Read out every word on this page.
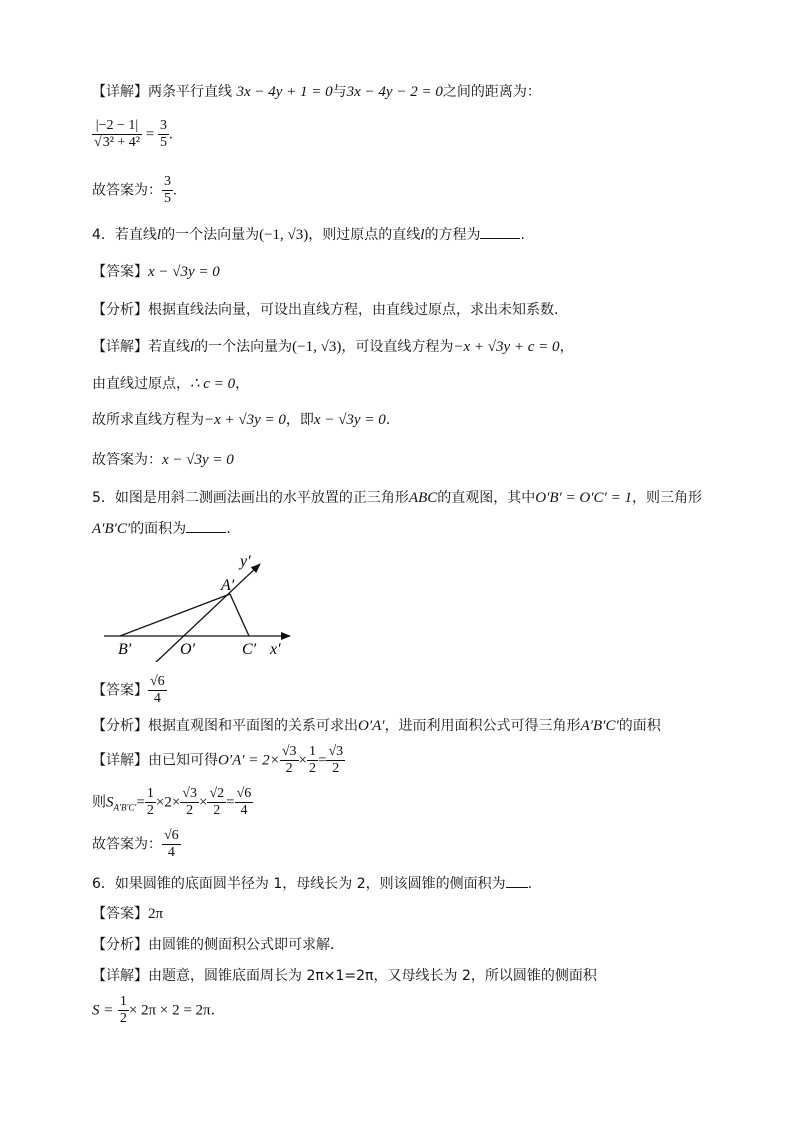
【详解】两条平行直线 3x − 4y + 1 = 0与3x − 4y − 2 = 0之间的距离为：
$\frac{|-2 - 1|}{\text{√3² + 4²}} = \frac{3}{5}$ .
故答案为： $\frac{3}{5}$ .
4．若直线l的一个法向量为(−1, √3)，则过原点的直线l的方程为	.
【答案】x − √3y = 0
【分析】根据直线法向量，可设出直线方程，由直线过原点，求出未知系数.
【详解】若直线l的一个法向量为(−1, √3)，可设直线方程为−x + √3y + c = 0，
由直线过原点，∴ c = 0，
故所求直线方程为−x + √3y = 0，即x − √3y = 0.
故答案为：x − √3y = 0
5．如图是用斜二测画法画出的水平放置的正三角形ABC的直观图，其中O′B′ = O′C′ = 1，则三角形
A′B′C′的面积为	.
y′
A′
B′	O′	C′ x′
【答案】 $\frac{√6}{4}$
【分析】根据直观图和平面图的关系可求出O′A′，进而利用面积公式可得三角形A′B′C′的面积
【详解】由已知可得$O'A' = 2\times \frac{√3}{2} \times \frac{1}{2} = \frac{√3}{2}$
则$S_{A'B'C'}= \frac{1}{2} \times 2\times \frac{√3}{2} \times \frac{√2}{2} = \frac{√6}{4}$
故答案为： $\frac{√6}{4}$
6．如果圆锥的底面圆半径为 1，母线长为 2，则该圆锥的侧面积为 .
【答案】2π
【分析】由圆锥的侧面积公式即可求解．
【详解】由题意，圆锥底面周长为 2π×1=2π，又母线长为 2，所以圆锥的侧面积
$S = \frac{1}{2} \times 2\pi \times 2 = 2\pi$．
